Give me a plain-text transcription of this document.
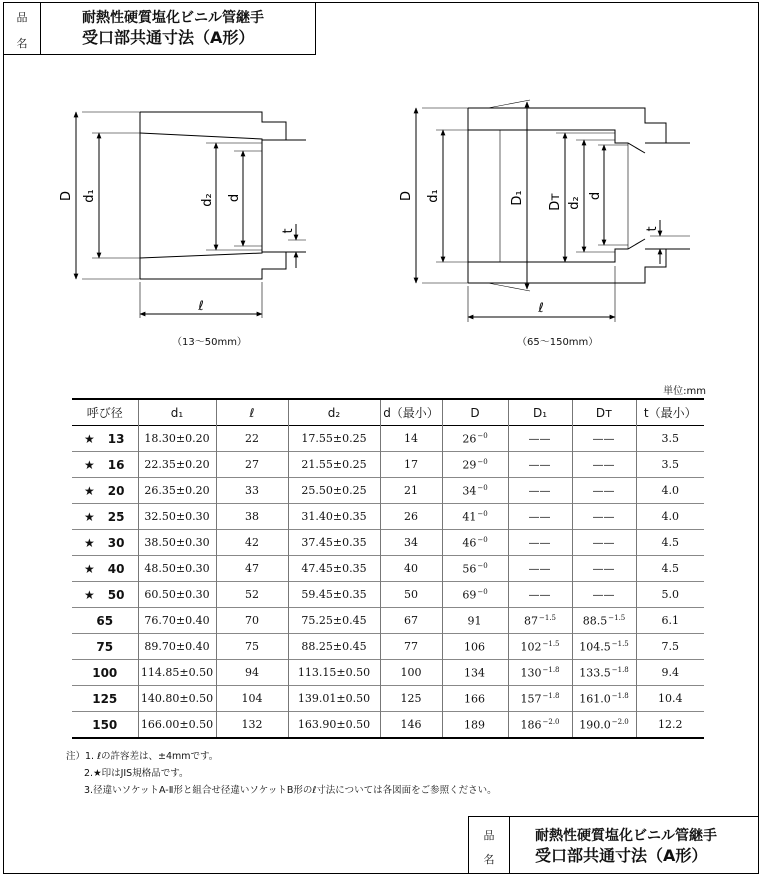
品
名
耐熱性硬質塩化ビニル管継手
受口部共通寸法（A形）
D d₁	d₂ d
t
ℓ
D d₁	D₁ Dᴛ d₂
d
t
ℓ
（13〜50mm）	（65〜150mm）
単位:mm
呼び径	d₁	ℓ	d₂	d（最小）	D	D₁	Dᴛ	t（最小）

★ 13	18.30±0.20	22	17.55±0.25	14	$26^{-0}$	——	——	3.5

★ 16	22.35±0.20	27	21.55±0.25	17	$29^{-0}$	——	——	3.5

★ 20	26.35±0.20	33	25.50±0.25	21	$34^{-0}$	——	——	4.0

★ 25	32.50±0.30	38	31.40±0.35	26	$41^{-0}$	——	——	4.0

★ 30	38.50±0.30	42	37.45±0.35	34	$46^{-0}$	——	——	4.5

★ 40	48.50±0.30	47	47.45±0.35	40	$56^{-0}$	——	——	4.5

★ 50	60.50±0.30	52	59.45±0.35	50	$69^{-0}$	——	——	5.0

65	76.70±0.40	70	75.25±0.45	67	91	$87^{-1.5}$	$88.5^{-1.5}$	6.1

75	89.70±0.40	75	88.25±0.45	77	106	$102^{-1.5}$	$104.5^{-1.5}$	7.5

100	114.85±0.50	94	113.15±0.50	100	134	$130^{-1.8}$	$133.5^{-1.8}$	9.4

125	140.80±0.50	104	139.01±0.50	125	166	$157^{-1.8}$	$161.0^{-1.8}$	10.4

150	166.00±0.50	132	163.90±0.50	146	189	$186^{-2.0}$	$190.0^{-2.0}$	12.2
注）1. ℓの許容差は、±4mmです。
2.★印はJIS規格品です。
3.径違いソケットA-Ⅱ形と組合せ径違いソケットB形のℓ寸法については各図面をご参照ください。
品
名
耐熱性硬質塩化ビニル管継手
受口部共通寸法（A形）
